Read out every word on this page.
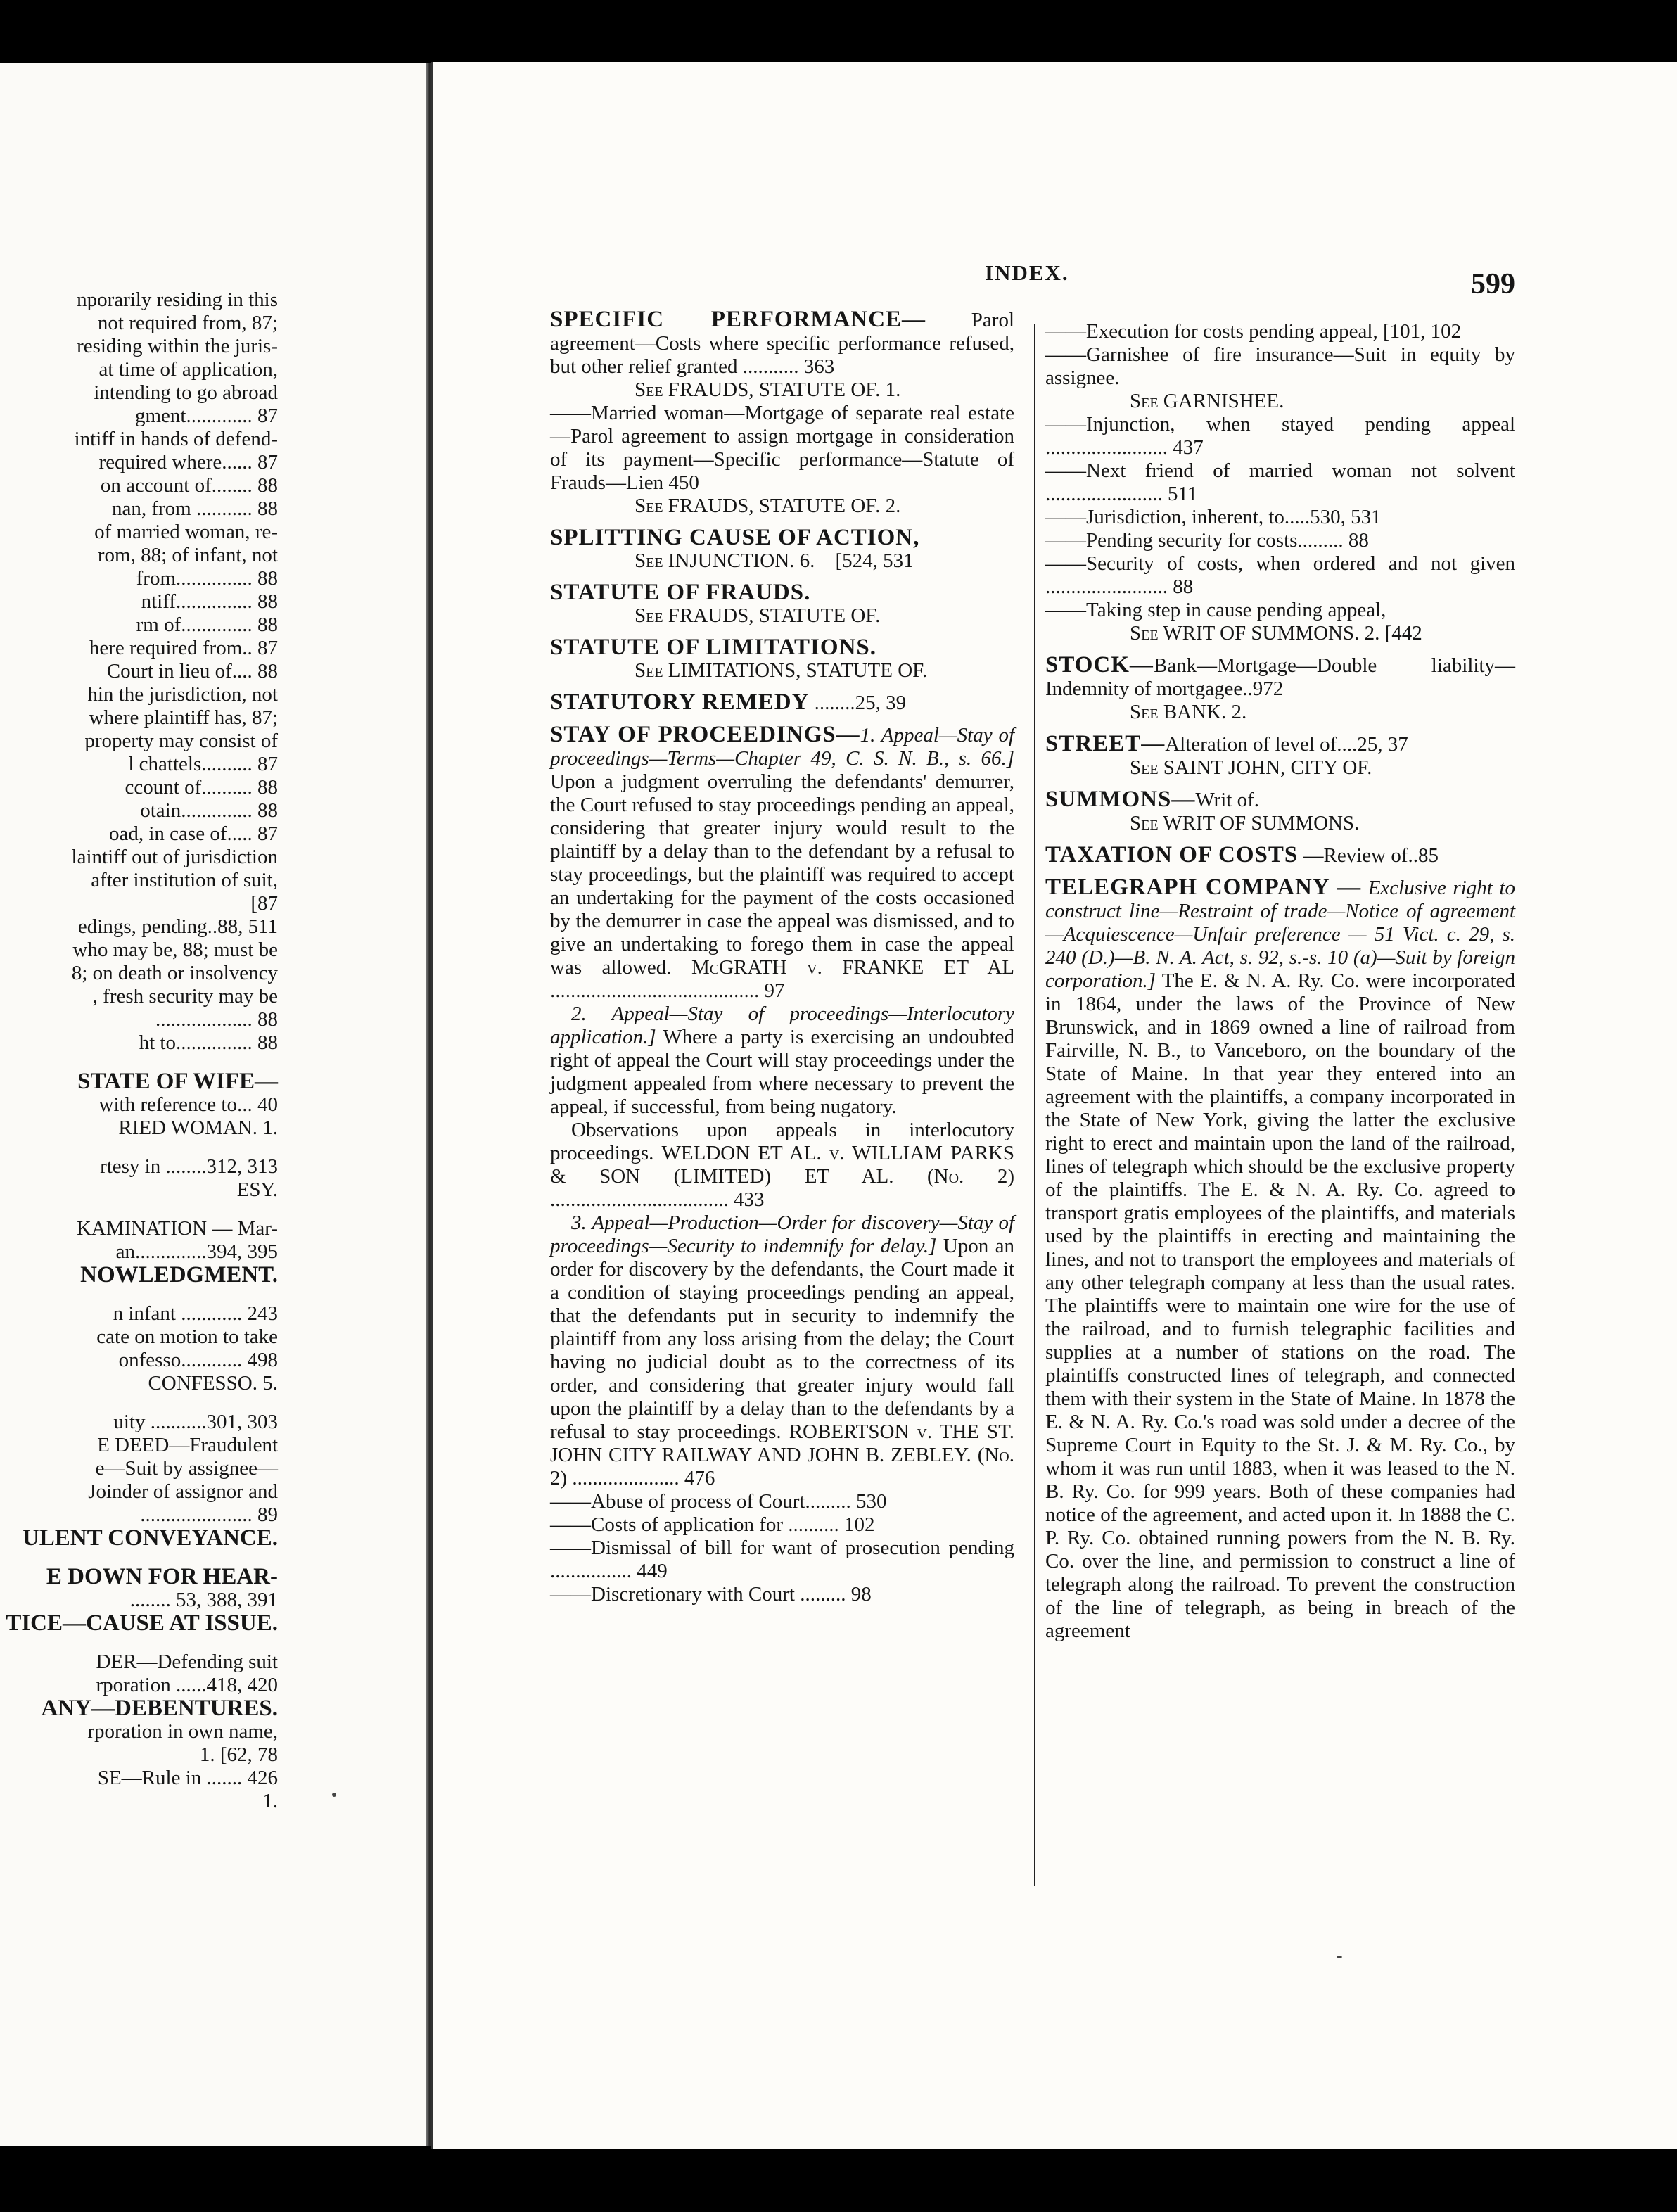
nporarily residing in this

not required from, 87;

residing within the juris-

at time of application,

intending to go abroad

gment............. 87

intiff in hands of defend-

required where...... 87

on account of........ 88

nan, from ........... 88

of married woman, re-

rom, 88; of infant, not

from............... 88

ntiff............... 88

rm of.............. 88

here required from.. 87

Court in lieu of.... 88

hin the jurisdiction, not

where plaintiff has, 87;

property may consist of

l chattels.......... 87

ccount of.......... 88

otain.............. 88

oad, in case of..... 87

laintiff out of jurisdiction

after institution of suit,

[87

edings, pending..88, 511

who may be, 88; must be

8; on death or insolvency

, fresh security may be

................... 88

ht to............... 88

STATE OF WIFE—

with reference to... 40

RIED WOMAN. 1.

rtesy in ........312, 313

ESY.

KAMINATION — Mar-

an..............394, 395

NOWLEDGMENT.

n infant ............ 243

cate on motion to take

onfesso............ 498

CONFESSO. 5.

uity ...........301, 303

E DEED—Fraudulent

e—Suit by assignee—

Joinder of assignor and

...................... 89

ULENT CONVEYANCE.

E DOWN FOR HEAR-

........ 53, 388, 391

TICE—CAUSE AT ISSUE.

DER—Defending suit

rporation ......418, 420

ANY—DEBENTURES.

rporation in own name,

1. [62, 78

SE—Rule in ....... 426

1.

INDEX.	599

SPECIFIC PERFORMANCE— Parol agreement—Costs where specific performance refused, but other relief granted ........... 363

See FRAUDS, STATUTE OF. 1.

——Married woman—Mortgage of separate real estate—Parol agreement to assign mortgage in consideration of its payment—Specific performance—Statute of Frauds—Lien 450

See FRAUDS, STATUTE OF. 2.

SPLITTING CAUSE OF ACTION,

See INJUNCTION. 6. [524, 531

STATUTE OF FRAUDS.

See FRAUDS, STATUTE OF.

STATUTE OF LIMITATIONS.

See LIMITATIONS, STATUTE OF.

STATUTORY REMEDY ........25, 39

STAY OF PROCEEDINGS—1. Appeal—Stay of proceedings—Terms—Chapter 49, C. S. N. B., s. 66.] Upon a judgment overruling the defendants' demurrer, the Court refused to stay proceedings pending an appeal, considering that greater injury would result to the plaintiff by a delay than to the defendant by a refusal to stay proceedings, but the plaintiff was required to accept an undertaking for the payment of the costs occasioned by the demurrer in case the appeal was dismissed, and to give an undertaking to forego them in case the appeal was allowed. McGRATH v. FRANKE ET AL ......................................... 97

2. Appeal—Stay of proceedings—Interlocutory application.] Where a party is exercising an undoubted right of appeal the Court will stay proceedings under the judgment appealed from where necessary to prevent the appeal, if successful, from being nugatory.

Observations upon appeals in interlocutory proceedings. WELDON ET AL. v. WILLIAM PARKS & SON (LIMITED) ET AL. (No. 2) ................................... 433

3. Appeal—Production—Order for discovery—Stay of proceedings—Security to indemnify for delay.] Upon an order for discovery by the defendants, the Court made it a condition of staying proceedings pending an appeal, that the defendants put in security to indemnify the plaintiff from any loss arising from the delay; the Court having no judicial doubt as to the correctness of its order, and considering that greater injury would fall upon the plaintiff by a delay than to the defendants by a refusal to stay proceedings. ROBERTSON v. THE ST. JOHN CITY RAILWAY AND JOHN B. ZEBLEY. (No. 2) ..................... 476

——Abuse of process of Court......... 530

——Costs of application for .......... 102

——Dismissal of bill for want of prosecution pending ................ 449

——Discretionary with Court ......... 98

——Execution for costs pending appeal, [101, 102

——Garnishee of fire insurance—Suit in equity by assignee.

See GARNISHEE.

——Injunction, when stayed pending appeal ........................ 437

——Next friend of married woman not solvent ....................... 511

——Jurisdiction, inherent, to.....530, 531

——Pending security for costs......... 88

——Security of costs, when ordered and not given ........................ 88

——Taking step in cause pending appeal,

See WRIT OF SUMMONS. 2. [442

STOCK—Bank—Mortgage—Double liability—Indemnity of mortgagee..972

See BANK. 2.

STREET—Alteration of level of....25, 37

See SAINT JOHN, CITY OF.

SUMMONS—Writ of.

See WRIT OF SUMMONS.

TAXATION OF COSTS —Review of..85

TELEGRAPH COMPANY — Exclusive right to construct line—Restraint of trade—Notice of agreement—Acquiescence—Unfair preference — 51 Vict. c. 29, s. 240 (D.)—B. N. A. Act, s. 92, s.-s. 10 (a)—Suit by foreign corporation.] The E. & N. A. Ry. Co. were incorporated in 1864, under the laws of the Province of New Brunswick, and in 1869 owned a line of railroad from Fairville, N. B., to Vanceboro, on the boundary of the State of Maine. In that year they entered into an agreement with the plaintiffs, a company incorporated in the State of New York, giving the latter the exclusive right to erect and maintain upon the land of the railroad, lines of telegraph which should be the exclusive property of the plaintiffs. The E. & N. A. Ry. Co. agreed to transport gratis employees of the plaintiffs, and materials used by the plaintiffs in erecting and maintaining the lines, and not to transport the employees and materials of any other telegraph company at less than the usual rates. The plaintiffs were to maintain one wire for the use of the railroad, and to furnish telegraphic facilities and supplies at a number of stations on the road. The plaintiffs constructed lines of telegraph, and connected them with their system in the State of Maine. In 1878 the E. & N. A. Ry. Co.'s road was sold under a decree of the Supreme Court in Equity to the St. J. & M. Ry. Co., by whom it was run until 1883, when it was leased to the N. B. Ry. Co. for 999 years. Both of these companies had notice of the agreement, and acted upon it. In 1888 the C. P. Ry. Co. obtained running powers from the N. B. Ry. Co. over the line, and permission to construct a line of telegraph along the railroad. To prevent the construction of the line of telegraph, as being in breach of the agreement
